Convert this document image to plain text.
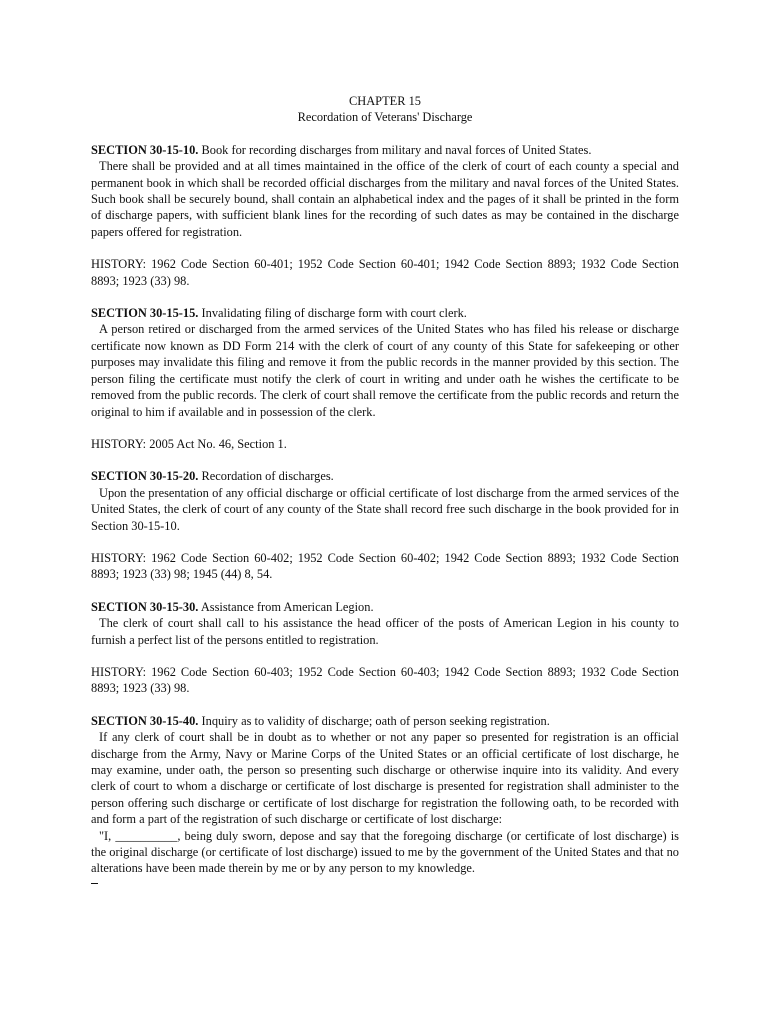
CHAPTER 15
Recordation of Veterans' Discharge
SECTION 30-15-10. Book for recording discharges from military and naval forces of United States.
There shall be provided and at all times maintained in the office of the clerk of court of each county a special and permanent book in which shall be recorded official discharges from the military and naval forces of the United States. Such book shall be securely bound, shall contain an alphabetical index and the pages of it shall be printed in the form of discharge papers, with sufficient blank lines for the recording of such dates as may be contained in the discharge papers offered for registration.
HISTORY: 1962 Code Section 60-401; 1952 Code Section 60-401; 1942 Code Section 8893; 1932 Code Section 8893; 1923 (33) 98.
SECTION 30-15-15. Invalidating filing of discharge form with court clerk.
A person retired or discharged from the armed services of the United States who has filed his release or discharge certificate now known as DD Form 214 with the clerk of court of any county of this State for safekeeping or other purposes may invalidate this filing and remove it from the public records in the manner provided by this section. The person filing the certificate must notify the clerk of court in writing and under oath he wishes the certificate to be removed from the public records. The clerk of court shall remove the certificate from the public records and return the original to him if available and in possession of the clerk.
HISTORY: 2005 Act No. 46, Section 1.
SECTION 30-15-20. Recordation of discharges.
Upon the presentation of any official discharge or official certificate of lost discharge from the armed services of the United States, the clerk of court of any county of the State shall record free such discharge in the book provided for in Section 30-15-10.
HISTORY: 1962 Code Section 60-402; 1952 Code Section 60-402; 1942 Code Section 8893; 1932 Code Section 8893; 1923 (33) 98; 1945 (44) 8, 54.
SECTION 30-15-30. Assistance from American Legion.
The clerk of court shall call to his assistance the head officer of the posts of American Legion in his county to furnish a perfect list of the persons entitled to registration.
HISTORY: 1962 Code Section 60-403; 1952 Code Section 60-403; 1942 Code Section 8893; 1932 Code Section 8893; 1923 (33) 98.
SECTION 30-15-40. Inquiry as to validity of discharge; oath of person seeking registration.
If any clerk of court shall be in doubt as to whether or not any paper so presented for registration is an official discharge from the Army, Navy or Marine Corps of the United States or an official certificate of lost discharge, he may examine, under oath, the person so presenting such discharge or otherwise inquire into its validity. And every clerk of court to whom a discharge or certificate of lost discharge is presented for registration shall administer to the person offering such discharge or certificate of lost discharge for registration the following oath, to be recorded with and form a part of the registration of such discharge or certificate of lost discharge:
"I, __________, being duly sworn, depose and say that the foregoing discharge (or certificate of lost discharge) is the original discharge (or certificate of lost discharge) issued to me by the government of the United States and that no alterations have been made therein by me or by any person to my knowledge.
